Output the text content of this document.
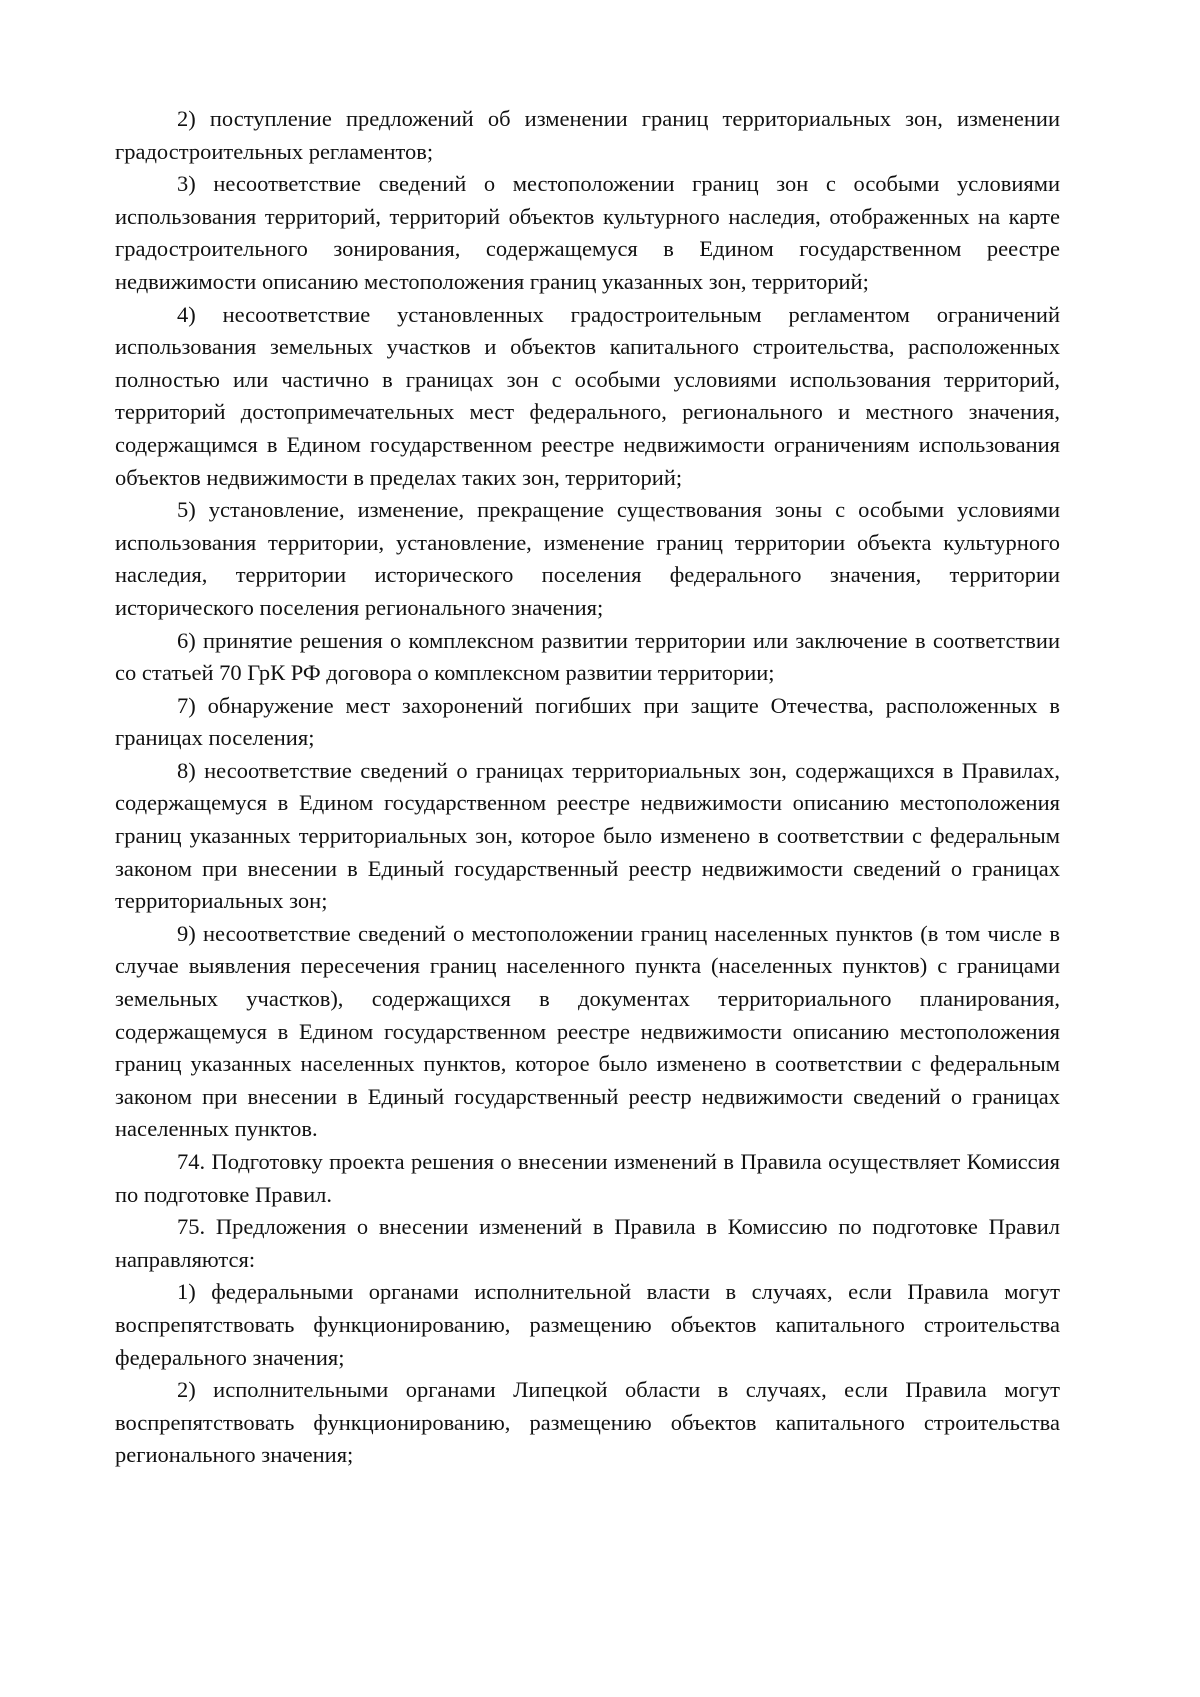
2) поступление предложений об изменении границ территориальных зон, изменении градостроительных регламентов;

3) несоответствие сведений о местоположении границ зон с особыми условиями использования территорий, территорий объектов культурного наследия, отображенных на карте градостроительного зонирования, содержащемуся в Едином государственном реестре недвижимости описанию местоположения границ указанных зон, территорий;

4) несоответствие установленных градостроительным регламентом ограничений использования земельных участков и объектов капитального строительства, расположенных полностью или частично в границах зон с особыми условиями использования территорий, территорий достопримечательных мест федерального, регионального и местного значения, содержащимся в Едином государственном реестре недвижимости ограничениям использования объектов недвижимости в пределах таких зон, территорий;

5) установление, изменение, прекращение существования зоны с особыми условиями использования территории, установление, изменение границ территории объекта культурного наследия, территории исторического поселения федерального значения, территории исторического поселения регионального значения;

6) принятие решения о комплексном развитии территории или заключение в соответствии со статьей 70 ГрК РФ договора о комплексном развитии территории;

7) обнаружение мест захоронений погибших при защите Отечества, расположенных в границах поселения;

8) несоответствие сведений о границах территориальных зон, содержащихся в Правилах, содержащемуся в Едином государственном реестре недвижимости описанию местоположения границ указанных территориальных зон, которое было изменено в соответствии с федеральным законом при внесении в Единый государственный реестр недвижимости сведений о границах территориальных зон;

9) несоответствие сведений о местоположении границ населенных пунктов (в том числе в случае выявления пересечения границ населенного пункта (населенных пунктов) с границами земельных участков), содержащихся в документах территориального планирования, содержащемуся в Едином государственном реестре недвижимости описанию местоположения границ указанных населенных пунктов, которое было изменено в соответствии с федеральным законом при внесении в Единый государственный реестр недвижимости сведений о границах населенных пунктов.

74. Подготовку проекта решения о внесении изменений в Правила осуществляет Комиссия по подготовке Правил.

75. Предложения о внесении изменений в Правила в Комиссию по подготовке Правил направляются:

1) федеральными органами исполнительной власти в случаях, если Правила могут воспрепятствовать функционированию, размещению объектов капитального строительства федерального значения;

2) исполнительными органами Липецкой области в случаях, если Правила могут воспрепятствовать функционированию, размещению объектов капитального строительства регионального значения;
